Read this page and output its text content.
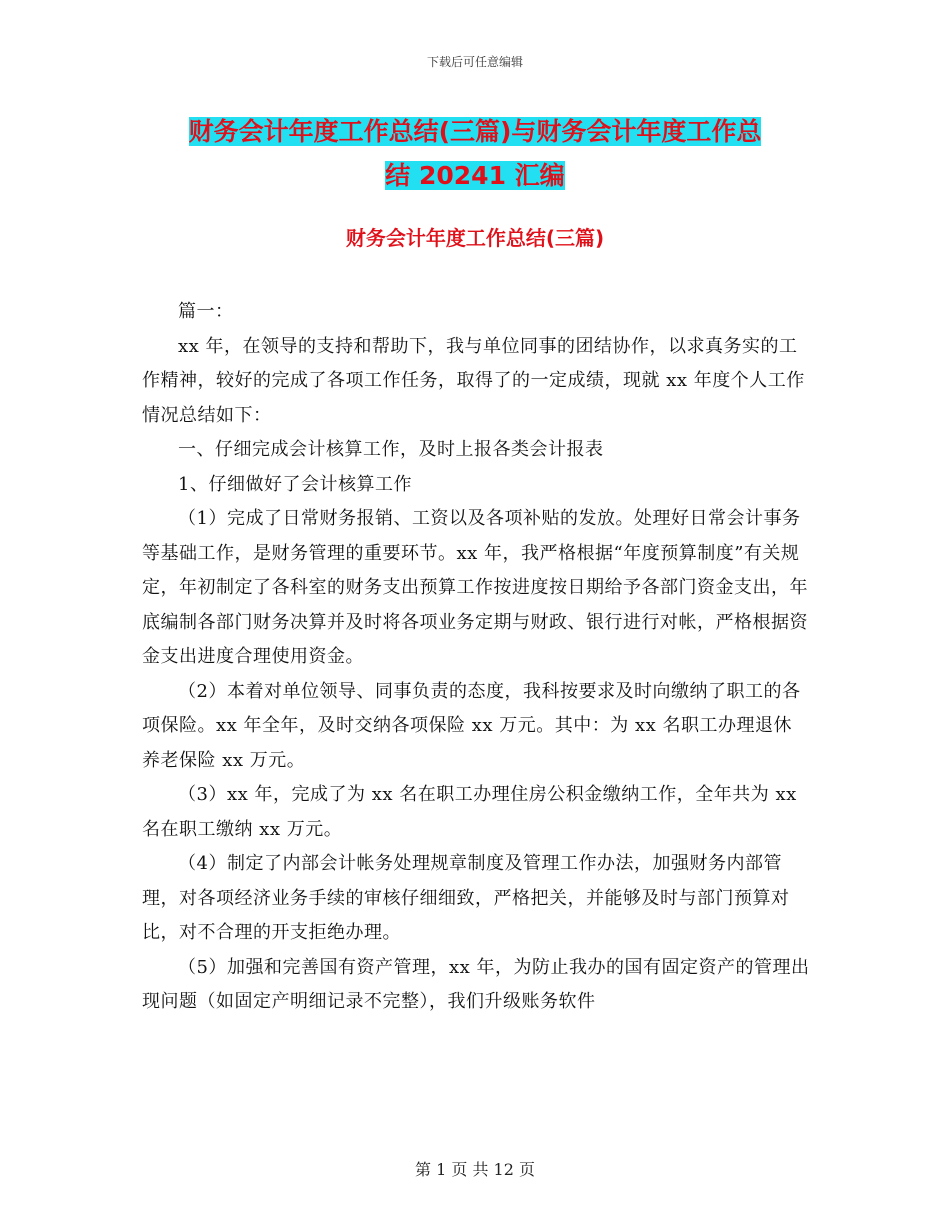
下载后可任意编辑
财务会计年度工作总结(三篇)与财务会计年度工作总
结 20241 汇编
财务会计年度工作总结(三篇)

篇一：

xx 年，在领导的支持和帮助下，我与单位同事的团结协作，以求真务实的工作精神，较好的完成了各项工作任务，取得了的一定成绩，现就 xx 年度个人工作情况总结如下：

一、仔细完成会计核算工作，及时上报各类会计报表

1、仔细做好了会计核算工作

（1）完成了日常财务报销、工资以及各项补贴的发放。处理好日常会计事务等基础工作，是财务管理的重要环节。xx 年，我严格根据“年度预算制度”有关规定，年初制定了各科室的财务支出预算工作按进度按日期给予各部门资金支出，年底编制各部门财务决算并及时将各项业务定期与财政、银行进行对帐，严格根据资金支出进度合理使用资金。

（2）本着对单位领导、同事负责的态度，我科按要求及时向缴纳了职工的各项保险。xx 年全年，及时交纳各项保险 xx 万元。其中：为 xx 名职工办理退休养老保险 xx 万元。

（3）xx 年，完成了为 xx 名在职工办理住房公积金缴纳工作，全年共为 xx 名在职工缴纳 xx 万元。

（4）制定了内部会计帐务处理规章制度及管理工作办法，加强财务内部管理，对各项经济业务手续的审核仔细细致，严格把关，并能够及时与部门预算对比，对不合理的开支拒绝办理。

（5）加强和完善国有资产管理，xx 年，为防止我办的国有固定资产的管理出现问题（如固定产明细记录不完整），我们升级账务软件

第 1 页 共 12 页
